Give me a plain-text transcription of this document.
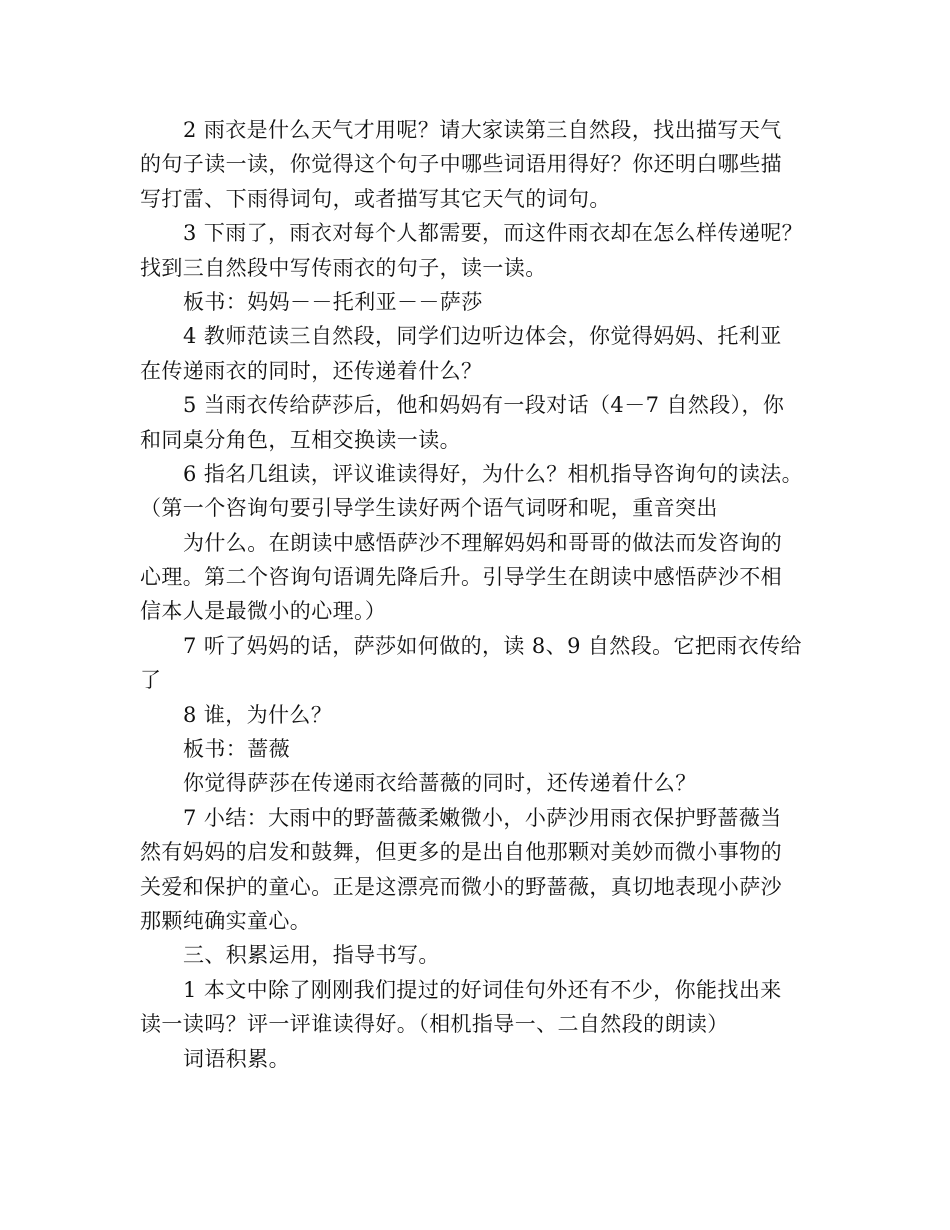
2 雨衣是什么天气才用呢？请大家读第三自然段，找出描写天气
的句子读一读，你觉得这个句子中哪些词语用得好？你还明白哪些描
写打雷、下雨得词句，或者描写其它天气的词句。
3 下雨了，雨衣对每个人都需要，而这件雨衣却在怎么样传递呢？
找到三自然段中写传雨衣的句子，读一读。
板书：妈妈－－托利亚－－萨莎
4 教师范读三自然段，同学们边听边体会，你觉得妈妈、托利亚
在传递雨衣的同时，还传递着什么？
5 当雨衣传给萨莎后，他和妈妈有一段对话（4－7 自然段），你
和同桌分角色，互相交换读一读。
6 指名几组读，评议谁读得好，为什么？相机指导咨询句的读法。
（第一个咨询句要引导学生读好两个语气词呀和呢，重音突出
为什么。在朗读中感悟萨沙不理解妈妈和哥哥的做法而发咨询的
心理。第二个咨询句语调先降后升。引导学生在朗读中感悟萨沙不相
信本人是最微小的心理。）
7 听了妈妈的话，萨莎如何做的，读 8、9 自然段。它把雨衣传给
了
8 谁，为什么？
板书：蔷薇
你觉得萨莎在传递雨衣给蔷薇的同时，还传递着什么？
7 小结：大雨中的野蔷薇柔嫩微小，小萨沙用雨衣保护野蔷薇当
然有妈妈的启发和鼓舞，但更多的是出自他那颗对美妙而微小事物的
关爱和保护的童心。正是这漂亮而微小的野蔷薇，真切地表现小萨沙
那颗纯确实童心。
三、积累运用，指导书写。
1 本文中除了刚刚我们提过的好词佳句外还有不少，你能找出来
读一读吗？评一评谁读得好。（相机指导一、二自然段的朗读）
词语积累。
